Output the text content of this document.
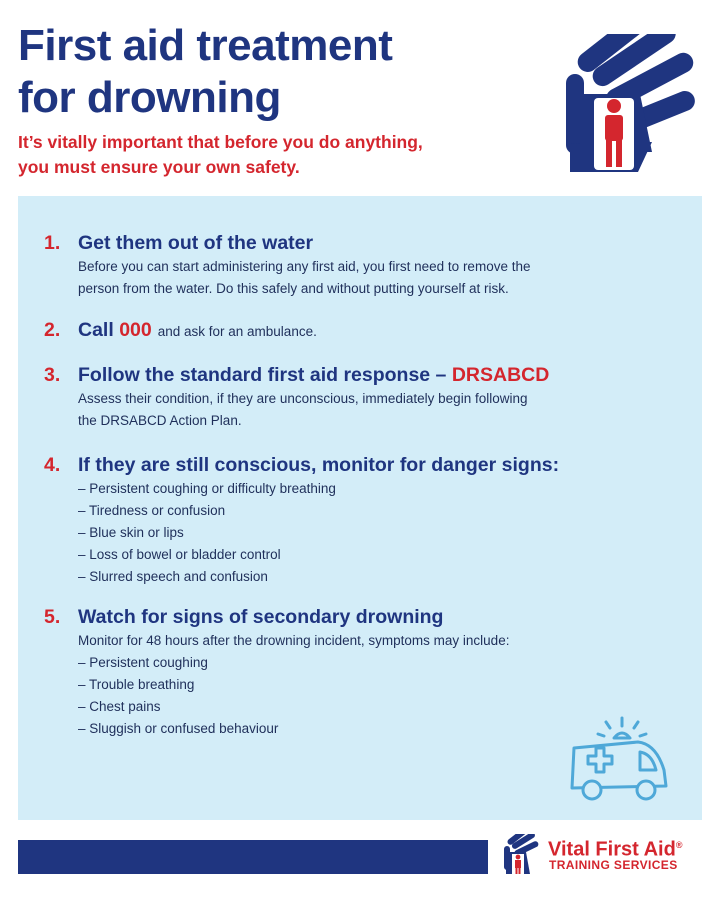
First aid treatment
for drowning
It’s vitally important that before you do anything,
you must ensure your own safety.
1. Get them out of the water

Before you can start administering any first aid, you first need to remove the

person from the water. Do this safely and without putting yourself at risk.

2. Call 000 and ask for an ambulance.
3. Follow the standard first aid response – DRSABCD

Assess their condition, if they are unconscious, immediately begin following

the DRSABCD Action Plan.

4. If they are still conscious, monitor for danger signs:
– Persistent coughing or difficulty breathing
– Tiredness or confusion
– Blue skin or lips
– Loss of bowel or bladder control
– Slurred speech and confusion
5. Watch for signs of secondary drowning

Monitor for 48 hours after the drowning incident, symptoms may include:

– Persistent coughing
– Trouble breathing
– Chest pains
– Sluggish or confused behaviour
Vital First Aid®
TRAINING SERVICES
